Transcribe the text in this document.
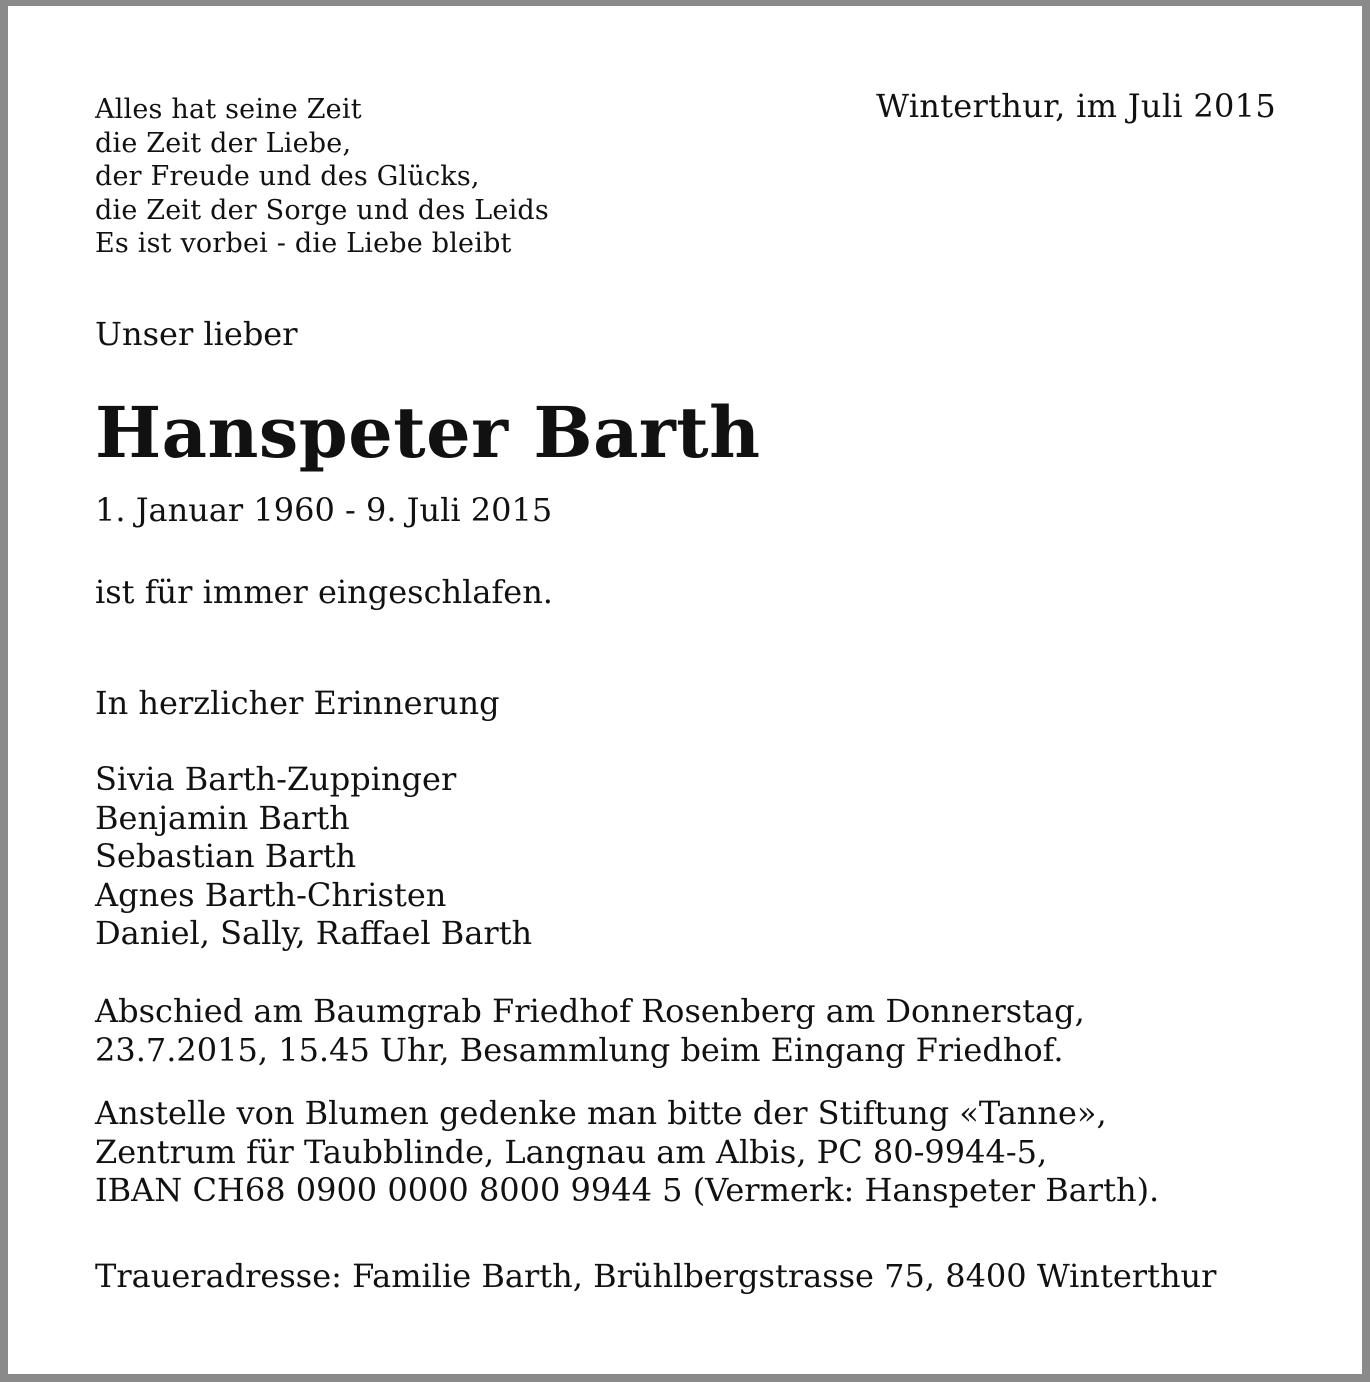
Alles hat seine Zeit
die Zeit der Liebe,
der Freude und des Glücks,
die Zeit der Sorge und des Leids
Es ist vorbei - die Liebe bleibt
Winterthur, im Juli 2015
Unser lieber
Hanspeter Barth
1. Januar 1960 - 9. Juli 2015
ist für immer eingeschlafen.
In herzlicher Erinnerung
Sivia Barth-Zuppinger
Benjamin Barth
Sebastian Barth
Agnes Barth-Christen
Daniel, Sally, Raffael Barth
Abschied am Baumgrab Friedhof Rosenberg am Donnerstag,
23.7.2015, 15.45 Uhr, Besammlung beim Eingang Friedhof.
Anstelle von Blumen gedenke man bitte der Stiftung «Tanne»,
Zentrum für Taubblinde, Langnau am Albis, PC 80-9944-5,
IBAN CH68 0900 0000 8000 9944 5 (Vermerk: Hanspeter Barth).
Traueradresse: Familie Barth, Brühlbergstrasse 75, 8400 Winterthur
